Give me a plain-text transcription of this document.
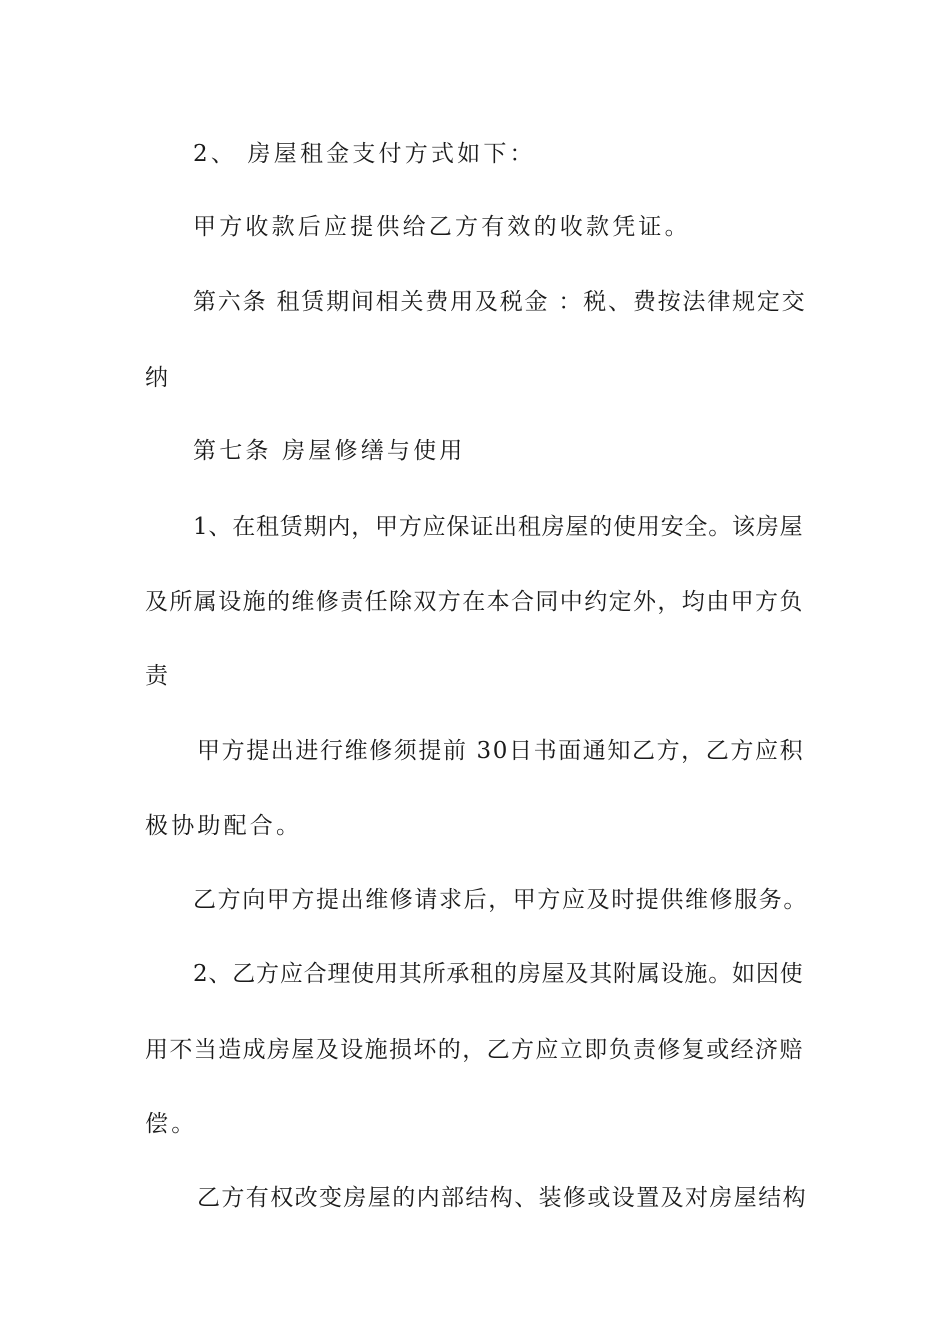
2、 房屋租金支付方式如下：
甲方收款后应提供给乙方有效的收款凭证。
第六条 租赁期间相关费用及税金 ：税、费按法律规定交
纳
第七条 房屋修缮与使用
1、在租赁期内，甲方应保证出租房屋的使用安全。该房屋
及所属设施的维修责任除双方在本合同中约定外，均由甲方负
责
甲方提出进行维修须提前 30日书面通知乙方，乙方应积
极协助配合。
乙方向甲方提出维修请求后，甲方应及时提供维修服务。
2、乙方应合理使用其所承租的房屋及其附属设施。如因使
用不当造成房屋及设施损坏的，乙方应立即负责修复或经济赔
偿。
乙方有权改变房屋的内部结构、装修或设置及对房屋结构
